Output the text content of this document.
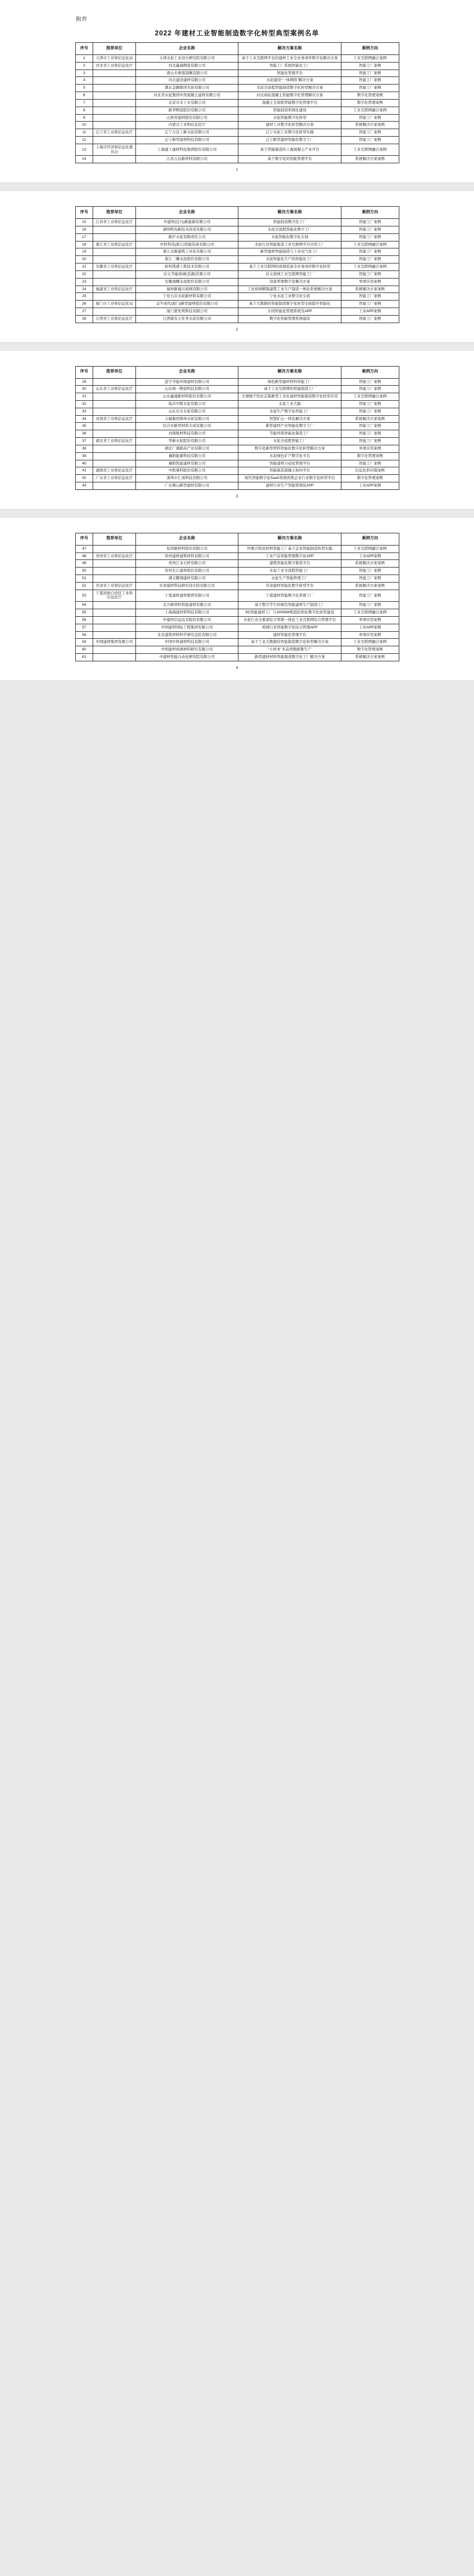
附件
2022 年建材工业智能制造数字化转型典型案例名单
序号	推荐单位	企业名称	解决方案名称	案例方向
1	天津市工业和信息化局	天津水泥工业设计研究院有限公司	基于工业互联网平台的建材工业全业务闭环数字化解决方案	工业互联网融合案例
2	河北省工业和信息化厅	河北鑫海陶瓷有限公司	智能工厂系统智能化工厂	智能工厂案例
3		唐山市燕南制锹有限公司	智能化管理平台	智能工厂案例
4		河北建设建材有限公司	水泥建设"一体网络"解决方案	智能工厂案例
5		冀东金隅集团水泥有限公司	水泥全流程智能制造数字化转型解决方案	智能工厂案例
6		河北省水泥集团中热混凝土建材有限公司	河北商砼混凝土智能数字化管理解决方案	数字化管理案例
7		北京市水工业有限公司	混凝土全流程智能数字化管理平台	数字化管理案例
8		新华陶瓷股份有限公司	智能制造系统化建设	工业互联网融合案例
9		山西省建材股份有限公司	水泥智能数字化转型	智能工厂案例
10		内蒙古工业和信息化厅	建材工业数字化转型解决方案	系统解决方案案例
11	辽宁省工业和信息化厅	辽宁万达工新水泥有限公司	辽宁水泥工业数字化转型实践	智能工厂案例
12		辽宁新型建材科技有限公司	辽宁新型建材智能化数字工厂	智能工厂案例
13	上海市经济和信息化委员会	上海建工建材科技集团股份有限公司	基于智能制造的上海混凝土产业平台	工业互联网融合案例
14		江苏万达新材料有限公司	基于数字化的智能管理平台	系统解决方案案例
1
序号	推荐单位	企业名称	解决方案名称	案例方向
15	江苏省工业和信息化厅	中建材(宜兴)新能源有限公司	智能制造数字化工厂	智能工厂案例
16		湖州机电新技术改造有限公司	水泥全流程智能化数字工厂	智能工厂案例
17		新沪水泥有限责任公司	水泥智能化数字化车间	智能工厂案例
18	浙江省工业和信息化厅	中材利茂(浙江)智能装备有限公司	水泥行业智能制造工业互联网平台应用工厂	工业互联网融合案例
19		浙江北新建筑工业化有限公司	新型建材智能制造与工业电气化工厂	智能工厂案例
20		浙江三狮水泥股份有限公司	水泥智能化生产的智能化工厂	智能工厂案例
21	安徽省工业和信息化厅	蚌埠凯盛工程技术有限公司	基于工业互联网的玻璃装备全业务闭环数字化转型	工业互联网融合案例
22		信义节能玻璃(芜湖)有限公司	信义玻璃工业互联网智能工厂	智能工厂案例
23		安徽海螺水泥股份有限公司	设备管理数字化解决方案	单项应用案例
24	福建省工业和信息化厅	福州新福兴玻璃有限公司	工业玻璃精制建筑工业生产制造一体化系统解决方案	系统解决方案案例
25		宁化石岩水泥新材料有限公司	宁化水泥工业数字化车间	智能工厂案例
26	厦门市工业和信息化局	金牛现代(厦门)新型建材股份有限公司	基于大数据的智能制造数字化转型全面提升智能化	智能工厂案例
27		厦门蒙发利科技有限公司	车间智能化管理系统及APP	工业APP案例
28	江西省工业和信息化厅	江西德安万年青水泥有限公司	数字化智能管理系统建设	智能工厂案例
2
序号	推荐单位	企业名称	解决方案名称	案例方向
29		蓝宇节能环保建材有限公司	绿色新型建材材料智能工厂	智能工厂案例
30	山东省工业和信息化厅	山东统一陶瓷科技有限公司	基于工业互联网的智能制造工厂	智能工厂案例
31		山东鑫晟新材料股份有限公司	大规模个性化定制新型工业化建材智能制造数字化转型应用	工业互联网融合案例
32		临沂中联水泥有限公司	水泥工业大脑	智能工厂案例
33		山东东岳水泥有限公司	水泥生产数字化智能工厂	智能工厂案例
34	河南省工业和信息化厅	天瑞集团郑州水泥有限公司	智慧矿山一体化解决方案	系统解决方案案例
35		结合亚新型材料大成有限公司	新型建材产业智能化数字工厂	智能工厂案例
36		河南航材科技有限公司	节能环保智能化制造工厂	智能工厂案例
37	湖北省工业和信息化厅	华新水泥股份有限公司	水泥全流程智能工厂	智能工厂案例
38		湖北广盛耐高产业有限公司	数字化新型材料智能化数字化转型解决方案	单项应用案例
39		襄阳能源科技有限公司	水泥绿色矿产数字化平台	数字化管理案例
40		襄阳凯能建材有限公司	智能建材自动化管理平台	智能工厂案例
41	湖南省工业和信息化厅	中联重科股份有限公司	智能制造混凝土协同平台	信息化供应链案例
42	广东省工业和信息化厅	深圳市汇顶科技有限公司	现代智能数字化SaaS系统构筑企业行业数字化转型平台	数字化管理案例
43		广东佛山新型建材有限公司	建材行业生产智能管理化APP	工业APP案例
3
序号	推荐单位	企业名称	解决方案名称	案例方向
47		桂鸿新材料股份有限公司	纤维合铝化材料智能工厂基于企业智能制造转型实践	工业互联网融合案例
48	贵州省工业和信息化厅	贵州建材建筑材料有限公司	工业产品智能管理数字化APP	工业APP案例
49		贵州江永石材有限公司	建筑智能化数字制造平台	系统解决方案案例
50		贵州长江建材股份有限公司	水泥工业全流程智能工厂	智能工厂案例
51		遵义鹏翔建材有限公司	水泥生产智能管理工厂	智能工厂案例
52	甘肃省工业和信息化厅	甘肃建材科技研究设计院有限公司	甘肃建材智能化数字转型平台	系统解决方案案例
53	宁夏回族自治区工业和信息化厅	宁夏建材建材集团有限公司	宁夏建材智能数字化系统工厂	智能工厂案例
54		北方新材料智能建材有限公司	基于数字孪生的绿色智能建材生产制造工厂	智能工厂案例
55		上海海建材料科技有限公司	5G智能建材工厂与1000kW机组结构化数字化转型建设	工业互联网融合案例
56		中建材信息技术股份有限公司	水泥行业全要素综合管理一体化工业互联网综合管理平台	单项应用案例
57		中国建材国际工程集团有限公司	玻璃行业智能数字化综合管理APP	工业APP案例
58		北京建筑材料科学研究总院有限公司	建材智能化管理平台	单项应用案例
59	中国建材集团有限公司	中国中材建材科技有限公司	基于工业大数据的智能制造数字化转型解决方案	工业互联网融合案例
60		中国建材玻璃材料研究有限公司	"小样本"多品类数据集生产	数字化管理案例
61		中建材智能自动化研究院有限公司	新型建材材料智能制造数字化工厂解决方案	系统解决方案案例
4
